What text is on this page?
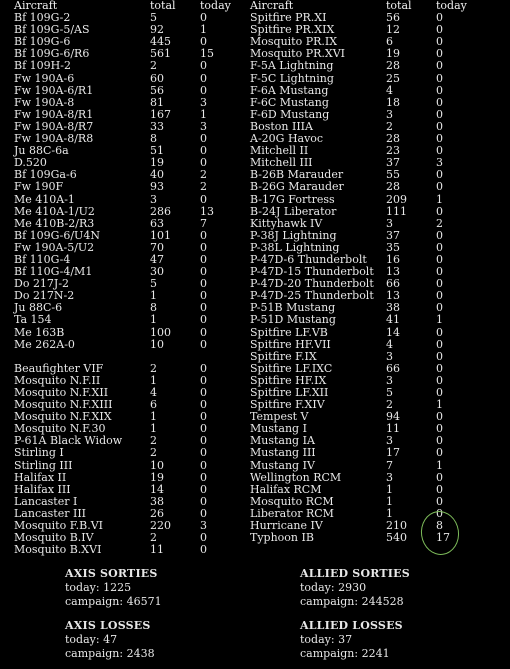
Aircraft	total today
Bf 109G-2	5	0
Bf 109G-5/AS	92	1
Bf 109G-6	445	0
Bf 109G-6/R6	561	15
Bf 109H-2	2	0
Fw 190A-6	60	0
Fw 190A-6/R1	56	0
Fw 190A-8	81	3
Fw 190A-8/R1	167	1
Fw 190A-8/R7	33	3
Fw 190A-8/R8	8	0
Ju 88C-6a	51	0
D.520	19	0
Bf 109Ga-6	40	2
Fw 190F	93	2
Me 410A-1	3	0
Me 410A-1/U2	286	13
Me 410B-2/R3	63	7
Bf 109G-6/U4N	101	0
Fw 190A-5/U2	70	0
Bf 110G-4	47	0
Bf 110G-4/M1	30	0
Do 217J-2	5	0
Do 217N-2	1	0
Ju 88C-6	8	0
Ta 154	1	0
Me 163B	100	0
Me 262A-0	10	0
Beaufighter VIF	2	0
Mosquito N.F.II	1	0
Mosquito N.F.XII	4	0
Mosquito N.F.XIII	6	0
Mosquito N.F.XIX	1	0
Mosquito N.F.30	1	0
P-61A Black Widow	2	0
Stirling I	2	0
Stirling III	10	0
Halifax II	19	0
Halifax III	14	0
Lancaster I	38	0
Lancaster III	26	0
Mosquito F.B.VI	220	3
Mosquito B.IV	2	0
Mosquito B.XVI	11	0
Aircraft	total today
Spitfire PR.XI	56	0
Spitfire PR.XIX	12	0
Mosquito PR.IX	6	0
Mosquito PR.XVI	19	0
F-5A Lightning	28	0
F-5C Lightning	25	0
F-6A Mustang	4	0
F-6C Mustang	18	0
F-6D Mustang	3	0
Boston IIIA	2	0
A-20G Havoc	28	0
Mitchell II	23	0
Mitchell III	37	3
B-26B Marauder	55	0
B-26G Marauder	28	0
B-17G Fortress	209	1
B-24J Liberator	111	0
Kittyhawk IV	3	2
P-38J Lightning	37	0
P-38L Lightning	35	0
P-47D-6 Thunderbolt 16	0
P-47D-15 Thunderbolt 13	0
P-47D-20 Thunderbolt 66	0
P-47D-25 Thunderbolt 13	0
P-51B Mustang	38	0
P-51D Mustang	41	1
Spitfire LF.VB	14	0
Spitfire HF.VII	4	0
Spitfire F.IX	3	0
Spitfire LF.IXC	66	0
Spitfire HF.IX	3	0
Spitfire LF.XII	5	0
Spitfire F.XIV	2	1
Tempest V	94	0
Mustang I	11	0
Mustang IA	3	0
Mustang III	17	0
Mustang IV	7	1
Wellington RCM	3	0
Halifax RCM	1	0
Mosquito RCM	1	0
Liberator RCM	1	0
Hurricane IV	210	8
Typhoon IB	540	17
AXIS SORTIES
today: 1225
campaign: 46571
ALLIED SORTIES
today: 2930
campaign: 244528
AXIS LOSSES
today: 47
campaign: 2438
ALLIED LOSSES
today: 37
campaign: 2241
